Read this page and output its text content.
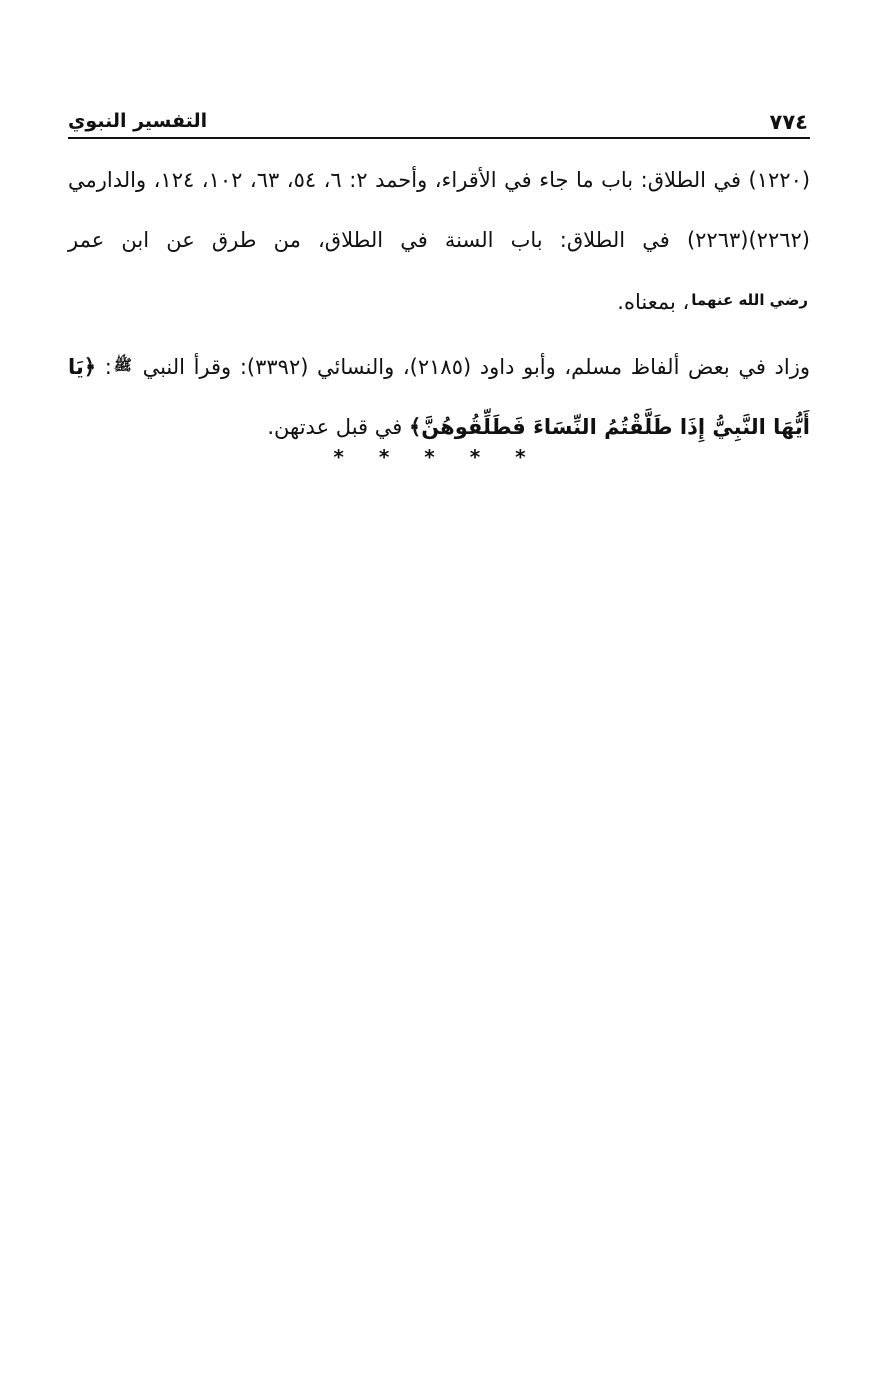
٧٧٤
التفسير النبوي

(١٢٢٠) في الطلاق: باب ما جاء في الأقراء، وأحمد ٢: ٦، ٥٤، ٦٣، ١٠٢، ١٢٤، والدارمي (٢٢٦٢)(٢٢٦٣) في الطلاق: باب السنة في الطلاق، من طرق عن ابن عمر رضي الله عنهما، بمعناه.

وزاد في بعض ألفاظ مسلم، وأبو داود (٢١٨٥)، والنسائي (٣٣٩٢): وقرأ النبي ﷺ: ﴿يَا أَيُّهَا النَّبِيُّ إِذَا طَلَّقْتُمُ النِّسَاءَ فَطَلِّقُوهُنَّ﴾ في قبل عدتهن.

* * * * *
